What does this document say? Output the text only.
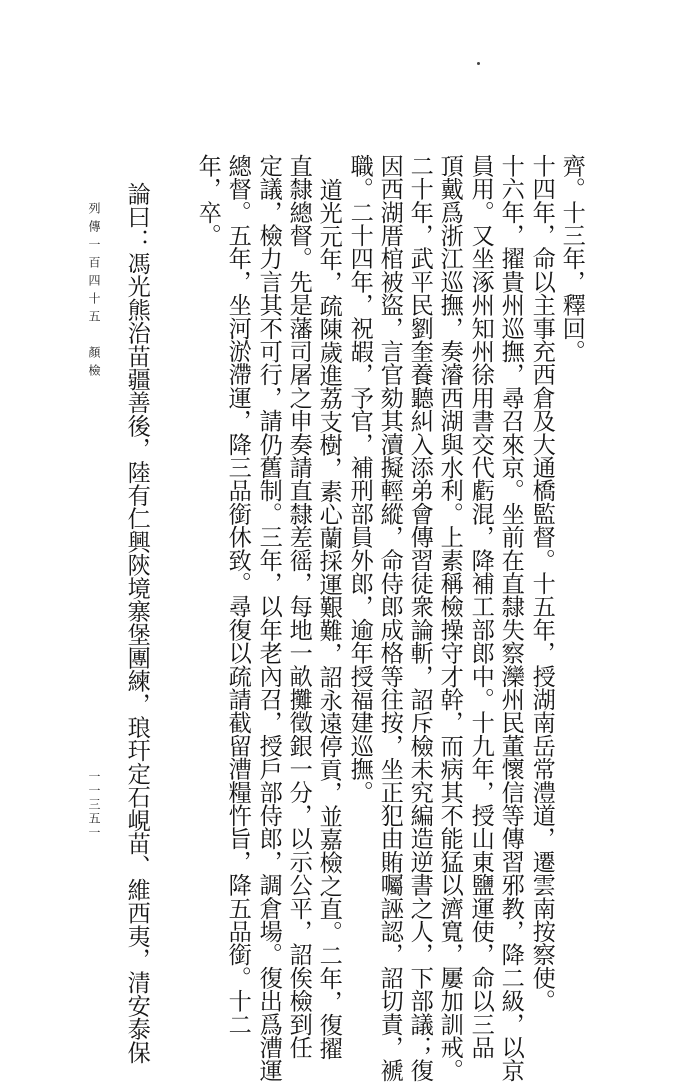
齊。十三年，釋回。
十四年，命以主事充西倉及大通橋監督。十五年，授湖南岳常澧道，遷雲南按察使。
十六年，擢貴州巡撫，尋召來京。坐前在直隸失察灤州民董懷信等傳習邪教，降二級，以京
員用。又坐涿州知州徐用書交代虧混，降補工部郎中。十九年，授山東鹽運使，命以三品
頂戴爲浙江巡撫，奏濬西湖與水利。上素稱檢操守才幹，而病其不能猛以濟寬，屢加訓戒。
二十年，武平民劉奎養聽糾入添弟會傳習徒衆論斬，詔斥檢未究編造逆書之人，下部議；復
因西湖厝棺被盜，言官劾其瀆擬輕縱，命侍郎成格等往按，坐正犯由賄囑誣認，詔切責，褫
職。二十四年，祝嘏，予官，補刑部員外郎，逾年授福建巡撫。
道光元年，疏陳歲進荔支樹，素心蘭採運艱難，詔永遠停貢，並嘉檢之直。二年，復擢
直隸總督。先是藩司屠之申奏請直隸差徭，每地一畝攤徵銀一分，以示公平，詔俟檢到任
定議，檢力言其不可行，請仍舊制。三年，以年老內召，授戶部侍郎，調倉場。復出爲漕運
總督。五年，坐河淤滯運，降三品銜休致。尋復以疏請截留漕糧忤旨，降五品銜。十二
年，卒。
論曰：馮光熊治苗疆善後，陸有仁興陝境寨堡團練，琅玕定石峴苗、維西夷，清安泰保
列傳一百四十五　顏檢
一一三五一
